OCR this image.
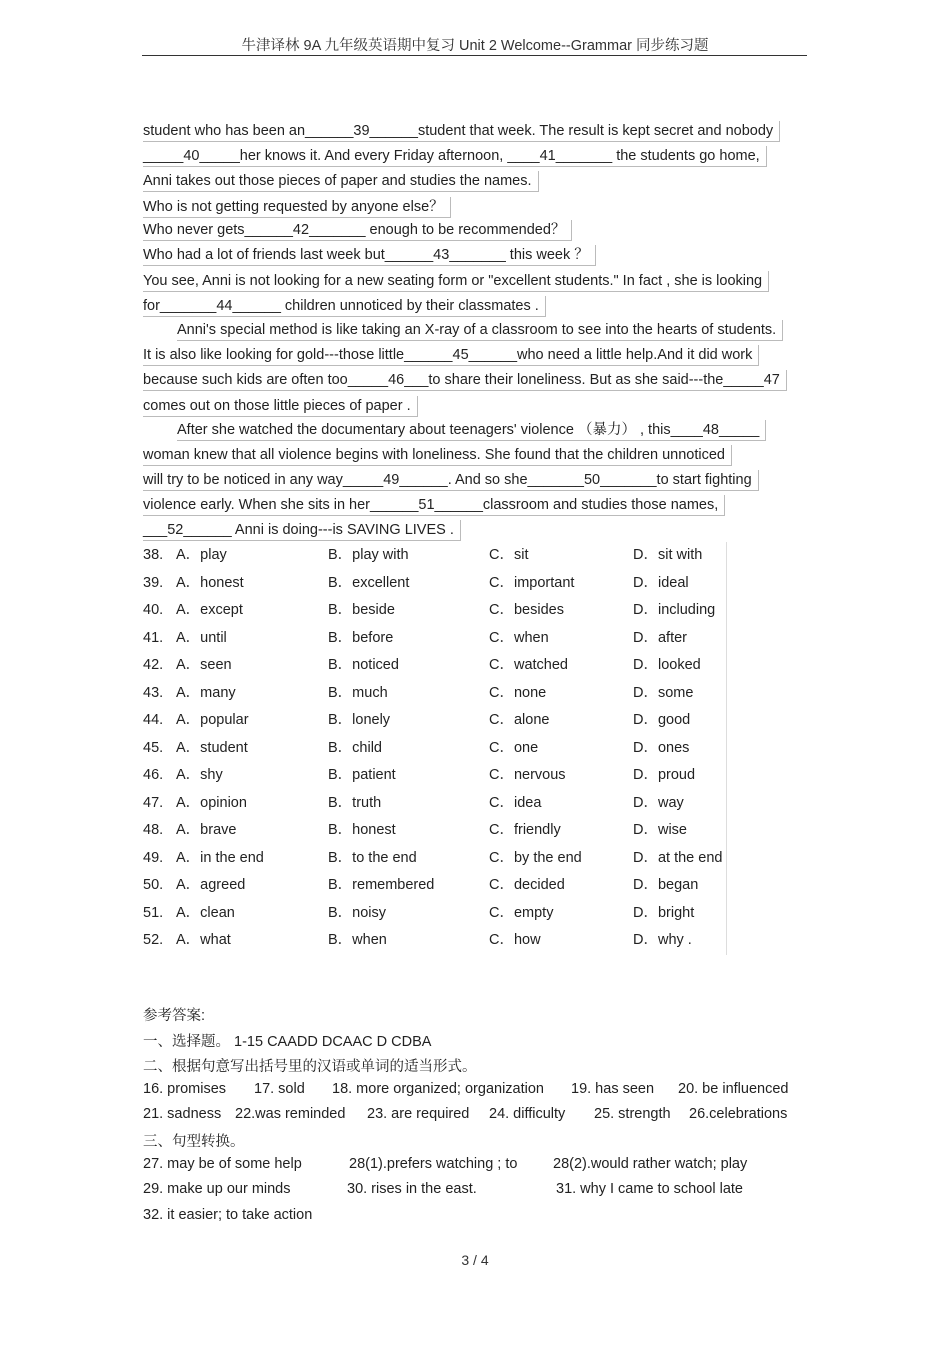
牛津译林 9A 九年级英语期中复习 Unit 2 Welcome--Grammar 同步练习题
student who has been an______39______student that week. The result is kept secret and nobody
_____40_____her knows it. And every Friday afternoon, ____41_______ the students go home,
Anni takes out those pieces of paper and studies the names.
Who is not getting requested by anyone else？
Who never gets______42_______ enough to be recommended？
Who had a lot of friends last week but______43_______ this week ？
You see, Anni is not looking for a new seating form or "excellent students." In fact , she is looking
for_______44______ children unnoticed by their classmates .
Anni's special method is like taking an X-ray of a classroom to see into the hearts of students.
It is also like looking for gold---those little______45______who need a little help.And it did work
because such kids are often too_____46___to share their loneliness. But as she said---the_____47
comes out on those little pieces of paper .
After she watched the documentary about teenagers' violence （暴力） , this____48_____
woman knew that all violence begins with loneliness. She found that the children unnoticed
will try to be noticed in any way_____49______. And so she_______50_______to start fighting
violence early. When she sits in her______51______classroom and studies those names,
___52______ Anni is doing---is SAVING LIVES .
38. A．play	B．play with	C．sit	D．sit with
39. A．honest	B．excellent	C．important	D．ideal
40. A．except	B．beside	C．besides	D．including
41. A．until	B．before	C．when	D．after
42. A．seen	B．noticed	C．watched	D．looked
43. A．many	B．much	C．none	D．some
44. A．popular	B．lonely	C．alone	D．good
45. A．student	B．child	C．one	D．ones
46. A．shy	B．patient	C．nervous	D．proud
47. A．opinion	B．truth	C．idea	D．way
48. A．brave	B．honest	C．friendly	D．wise
49. A．in the end	B．to the end	C．by the end	D．at the end
50. A．agreed	B．remembered	C．decided	D．began
51. A．clean	B．noisy	C．empty	D．bright
52. A．what	B．when	C．how	D．why .
参考答案:
一、选择题。 1-15 CAADD DCAAC D CDBA
二、根据句意写出括号里的汉语或单词的适当形式。
16. promises 17. sold 18. more organized; organization 19. has seen 20. be influenced
21. sadness 22.was reminded 23. are required 24. difficulty 25. strength 26.celebrations
三、句型转换。
27. may be of some help	28(1).prefers watching ; to 28(2).would rather watch; play
29. make up our minds	30. rises in the east.	31. why I came to school late
32. it easier; to take action
3 / 4
